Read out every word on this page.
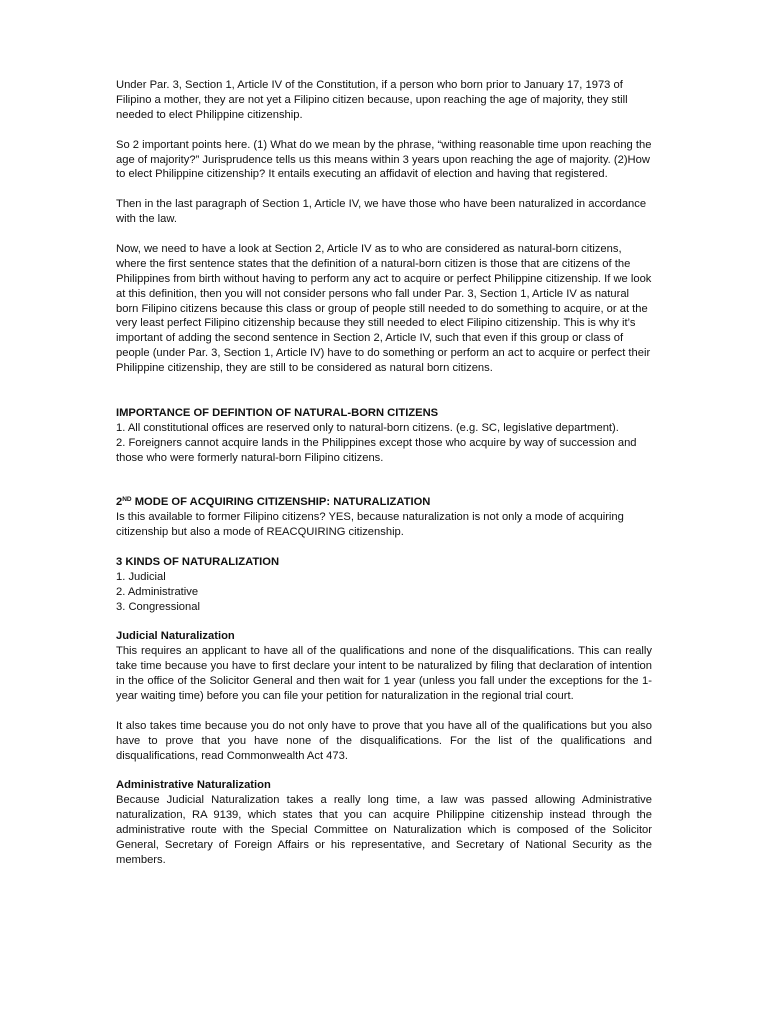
Under Par. 3, Section 1, Article IV of the Constitution, if a person who born prior to January 17, 1973 of Filipino a mother, they are not yet a Filipino citizen because, upon reaching the age of majority, they still needed to elect Philippine citizenship.

So 2 important points here. (1) What do we mean by the phrase, “withing reasonable time upon reaching the age of majority?” Jurisprudence tells us this means within 3 years upon reaching the age of majority. (2)How to elect Philippine citizenship? It entails executing an affidavit of election and having that registered.

Then in the last paragraph of Section 1, Article IV, we have those who have been naturalized in accordance with the law.

Now, we need to have a look at Section 2, Article IV as to who are considered as natural-born citizens, where the first sentence states that the definition of a natural-born citizen is those that are citizens of the Philippines from birth without having to perform any act to acquire or perfect Philippine citizenship. If we look at this definition, then you will not consider persons who fall under Par. 3, Section 1, Article IV as natural born Filipino citizens because this class or group of people still needed to do something to acquire, or at the very least perfect Filipino citizenship because they still needed to elect Filipino citizenship. This is why it’s important of adding the second sentence in Section 2, Article IV, such that even if this group or class of people (under Par. 3, Section 1, Article IV) have to do something or perform an act to acquire or perfect their Philippine citizenship, they are still to be considered as natural born citizens.

IMPORTANCE OF DEFINTION OF NATURAL-BORN CITIZENS

1. All constitutional offices are reserved only to natural-born citizens. (e.g. SC, legislative department).
2. Foreigners cannot acquire lands in the Philippines except those who acquire by way of succession and those who were formerly natural-born Filipino citizens.

2ND MODE OF ACQUIRING CITIZENSHIP: NATURALIZATION

Is this available to former Filipino citizens? YES, because naturalization is not only a mode of acquiring citizenship but also a mode of REACQUIRING citizenship.

3 KINDS OF NATURALIZATION

1. Judicial
2. Administrative
3. Congressional

Judicial Naturalization

This requires an applicant to have all of the qualifications and none of the disqualifications. This can really take time because you have to first declare your intent to be naturalized by filing that declaration of intention in the office of the Solicitor General and then wait for 1 year (unless you fall under the exceptions for the 1-year waiting time) before you can file your petition for naturalization in the regional trial court.

It also takes time because you do not only have to prove that you have all of the qualifications but you also have to prove that you have none of the disqualifications. For the list of the qualifications and disqualifications, read Commonwealth Act 473.

Administrative Naturalization

Because Judicial Naturalization takes a really long time, a law was passed allowing Administrative naturalization, RA 9139, which states that you can acquire Philippine citizenship instead through the administrative route with the Special Committee on Naturalization which is composed of the Solicitor General, Secretary of Foreign Affairs or his representative, and Secretary of National Security as the members.
